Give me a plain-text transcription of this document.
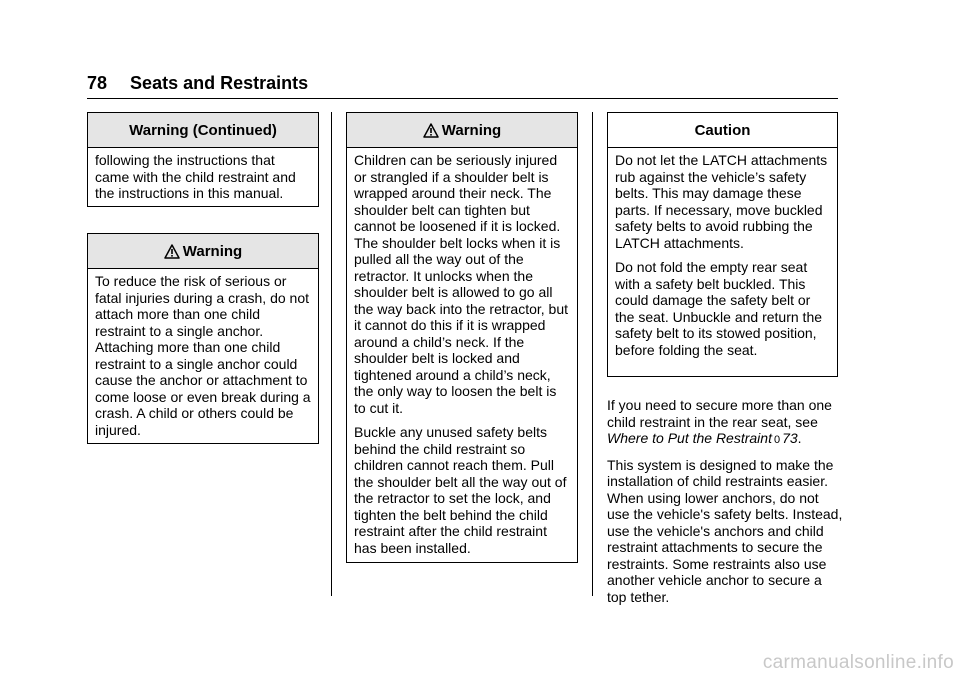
78 Seats and Restraints
Warning (Continued)

following the instructions that came with the child restraint and the instructions in this manual.

Warning

To reduce the risk of serious or fatal injuries during a crash, do not attach more than one child restraint to a single anchor. Attaching more than one child restraint to a single anchor could cause the anchor or attachment to come loose or even break during a crash. A child or others could be injured.

Warning

Children can be seriously injured or strangled if a shoulder belt is wrapped around their neck. The shoulder belt can tighten but cannot be loosened if it is locked. The shoulder belt locks when it is pulled all the way out of the retractor. It unlocks when the shoulder belt is allowed to go all the way back into the retractor, but it cannot do this if it is wrapped around a child’s neck. If the shoulder belt is locked and tightened around a child’s neck, the only way to loosen the belt is to cut it.

Buckle any unused safety belts behind the child restraint so children cannot reach them. Pull the shoulder belt all the way out of the retractor to set the lock, and tighten the belt behind the child restraint after the child restraint has been installed.

Caution

Do not let the LATCH attachments rub against the vehicle’s safety belts. This may damage these parts. If necessary, move buckled safety belts to avoid rubbing the LATCH attachments.

Do not fold the empty rear seat with a safety belt buckled. This could damage the safety belt or the seat. Unbuckle and return the safety belt to its stowed position, before folding the seat.

If you need to secure more than one child restraint in the rear seat, see Where to Put the Restraint 0 73.

This system is designed to make the installation of child restraints easier. When using lower anchors, do not use the vehicle's safety belts. Instead, use the vehicle's anchors and child restraint attachments to secure the restraints. Some restraints also use another vehicle anchor to secure a top tether.

carmanualsonline.info
